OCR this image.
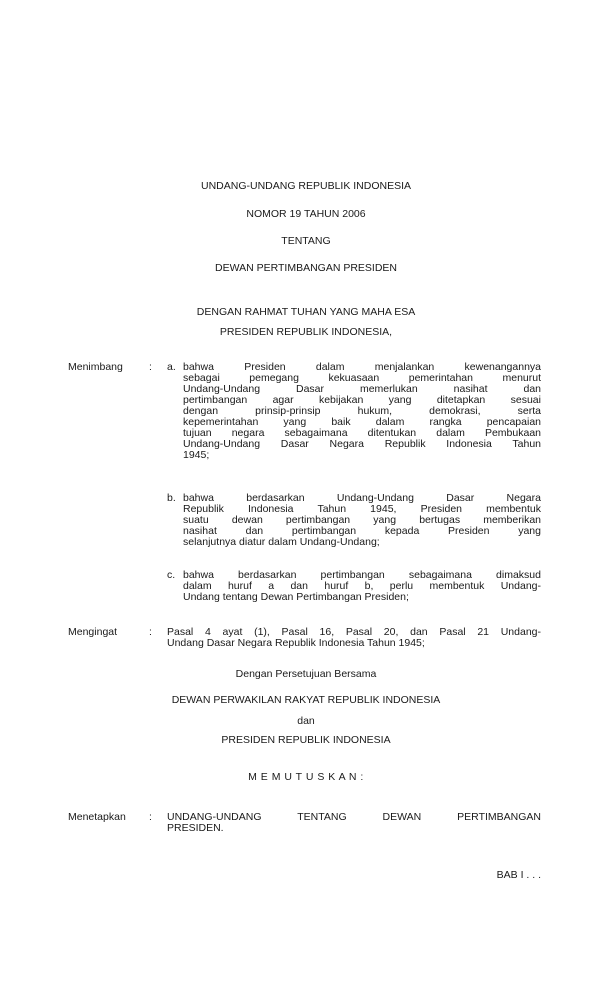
UNDANG-UNDANG REPUBLIK INDONESIA
NOMOR 19 TAHUN 2006
TENTANG
DEWAN PERTIMBANGAN PRESIDEN
DENGAN RAHMAT TUHAN YANG MAHA ESA
PRESIDEN REPUBLIK INDONESIA,
Menimbang : a. bahwa Presiden dalam menjalankan kewenangannya
sebagai pemegang kekuasaan pemerintahan menurut
Undang-Undang Dasar memerlukan nasihat dan
pertimbangan agar kebijakan yang ditetapkan sesuai
dengan prinsip-prinsip hukum, demokrasi, serta
kepemerintahan yang baik dalam rangka pencapaian
tujuan negara sebagaimana ditentukan dalam Pembukaan
Undang-Undang Dasar Negara Republik Indonesia Tahun
1945;
b. bahwa berdasarkan Undang-Undang Dasar Negara
Republik Indonesia Tahun 1945, Presiden membentuk
suatu dewan pertimbangan yang bertugas memberikan
nasihat dan pertimbangan kepada Presiden yang
selanjutnya diatur dalam Undang-Undang;
c. bahwa berdasarkan pertimbangan sebagaimana dimaksud
dalam huruf a dan huruf b, perlu membentuk Undang-
Undang tentang Dewan Pertimbangan Presiden;
Mengingat	: Pasal 4 ayat (1), Pasal 16, Pasal 20, dan Pasal 21 Undang-
Undang Dasar Negara Republik Indonesia Tahun 1945;
Dengan Persetujuan Bersama
DEWAN PERWAKILAN RAKYAT REPUBLIK INDONESIA
dan
PRESIDEN REPUBLIK INDONESIA
M E M U T U S K A N :
Menetapkan : UNDANG-UNDANG TENTANG DEWAN PERTIMBANGAN
PRESIDEN.
BAB I . . .
